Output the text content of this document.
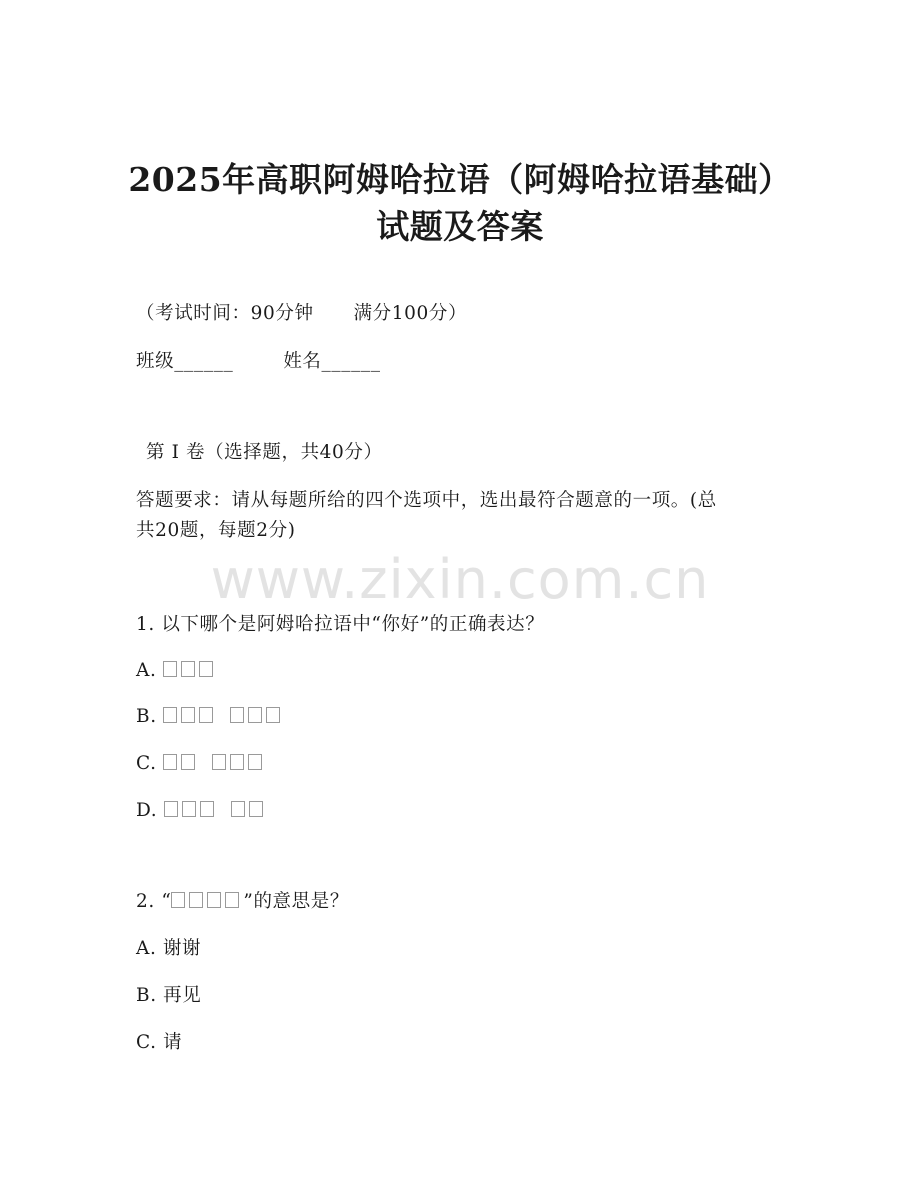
2025年高职阿姆哈拉语（阿姆哈拉语基础）
试题及答案
（考试时间：90分钟 满分100分）
班级______	姓名______
第 I 卷（选择题，共40分）
答题要求：请从每题所给的四个选项中，选出最符合题意的一项。(总
共20题，每题2分)
www.zixin.com.cn
1. 以下哪个是阿姆哈拉语中“你好”的正确表达？
A.
B.
C.
D.
2. “	”的意思是？
A. 谢谢
B. 再见
C. 请
